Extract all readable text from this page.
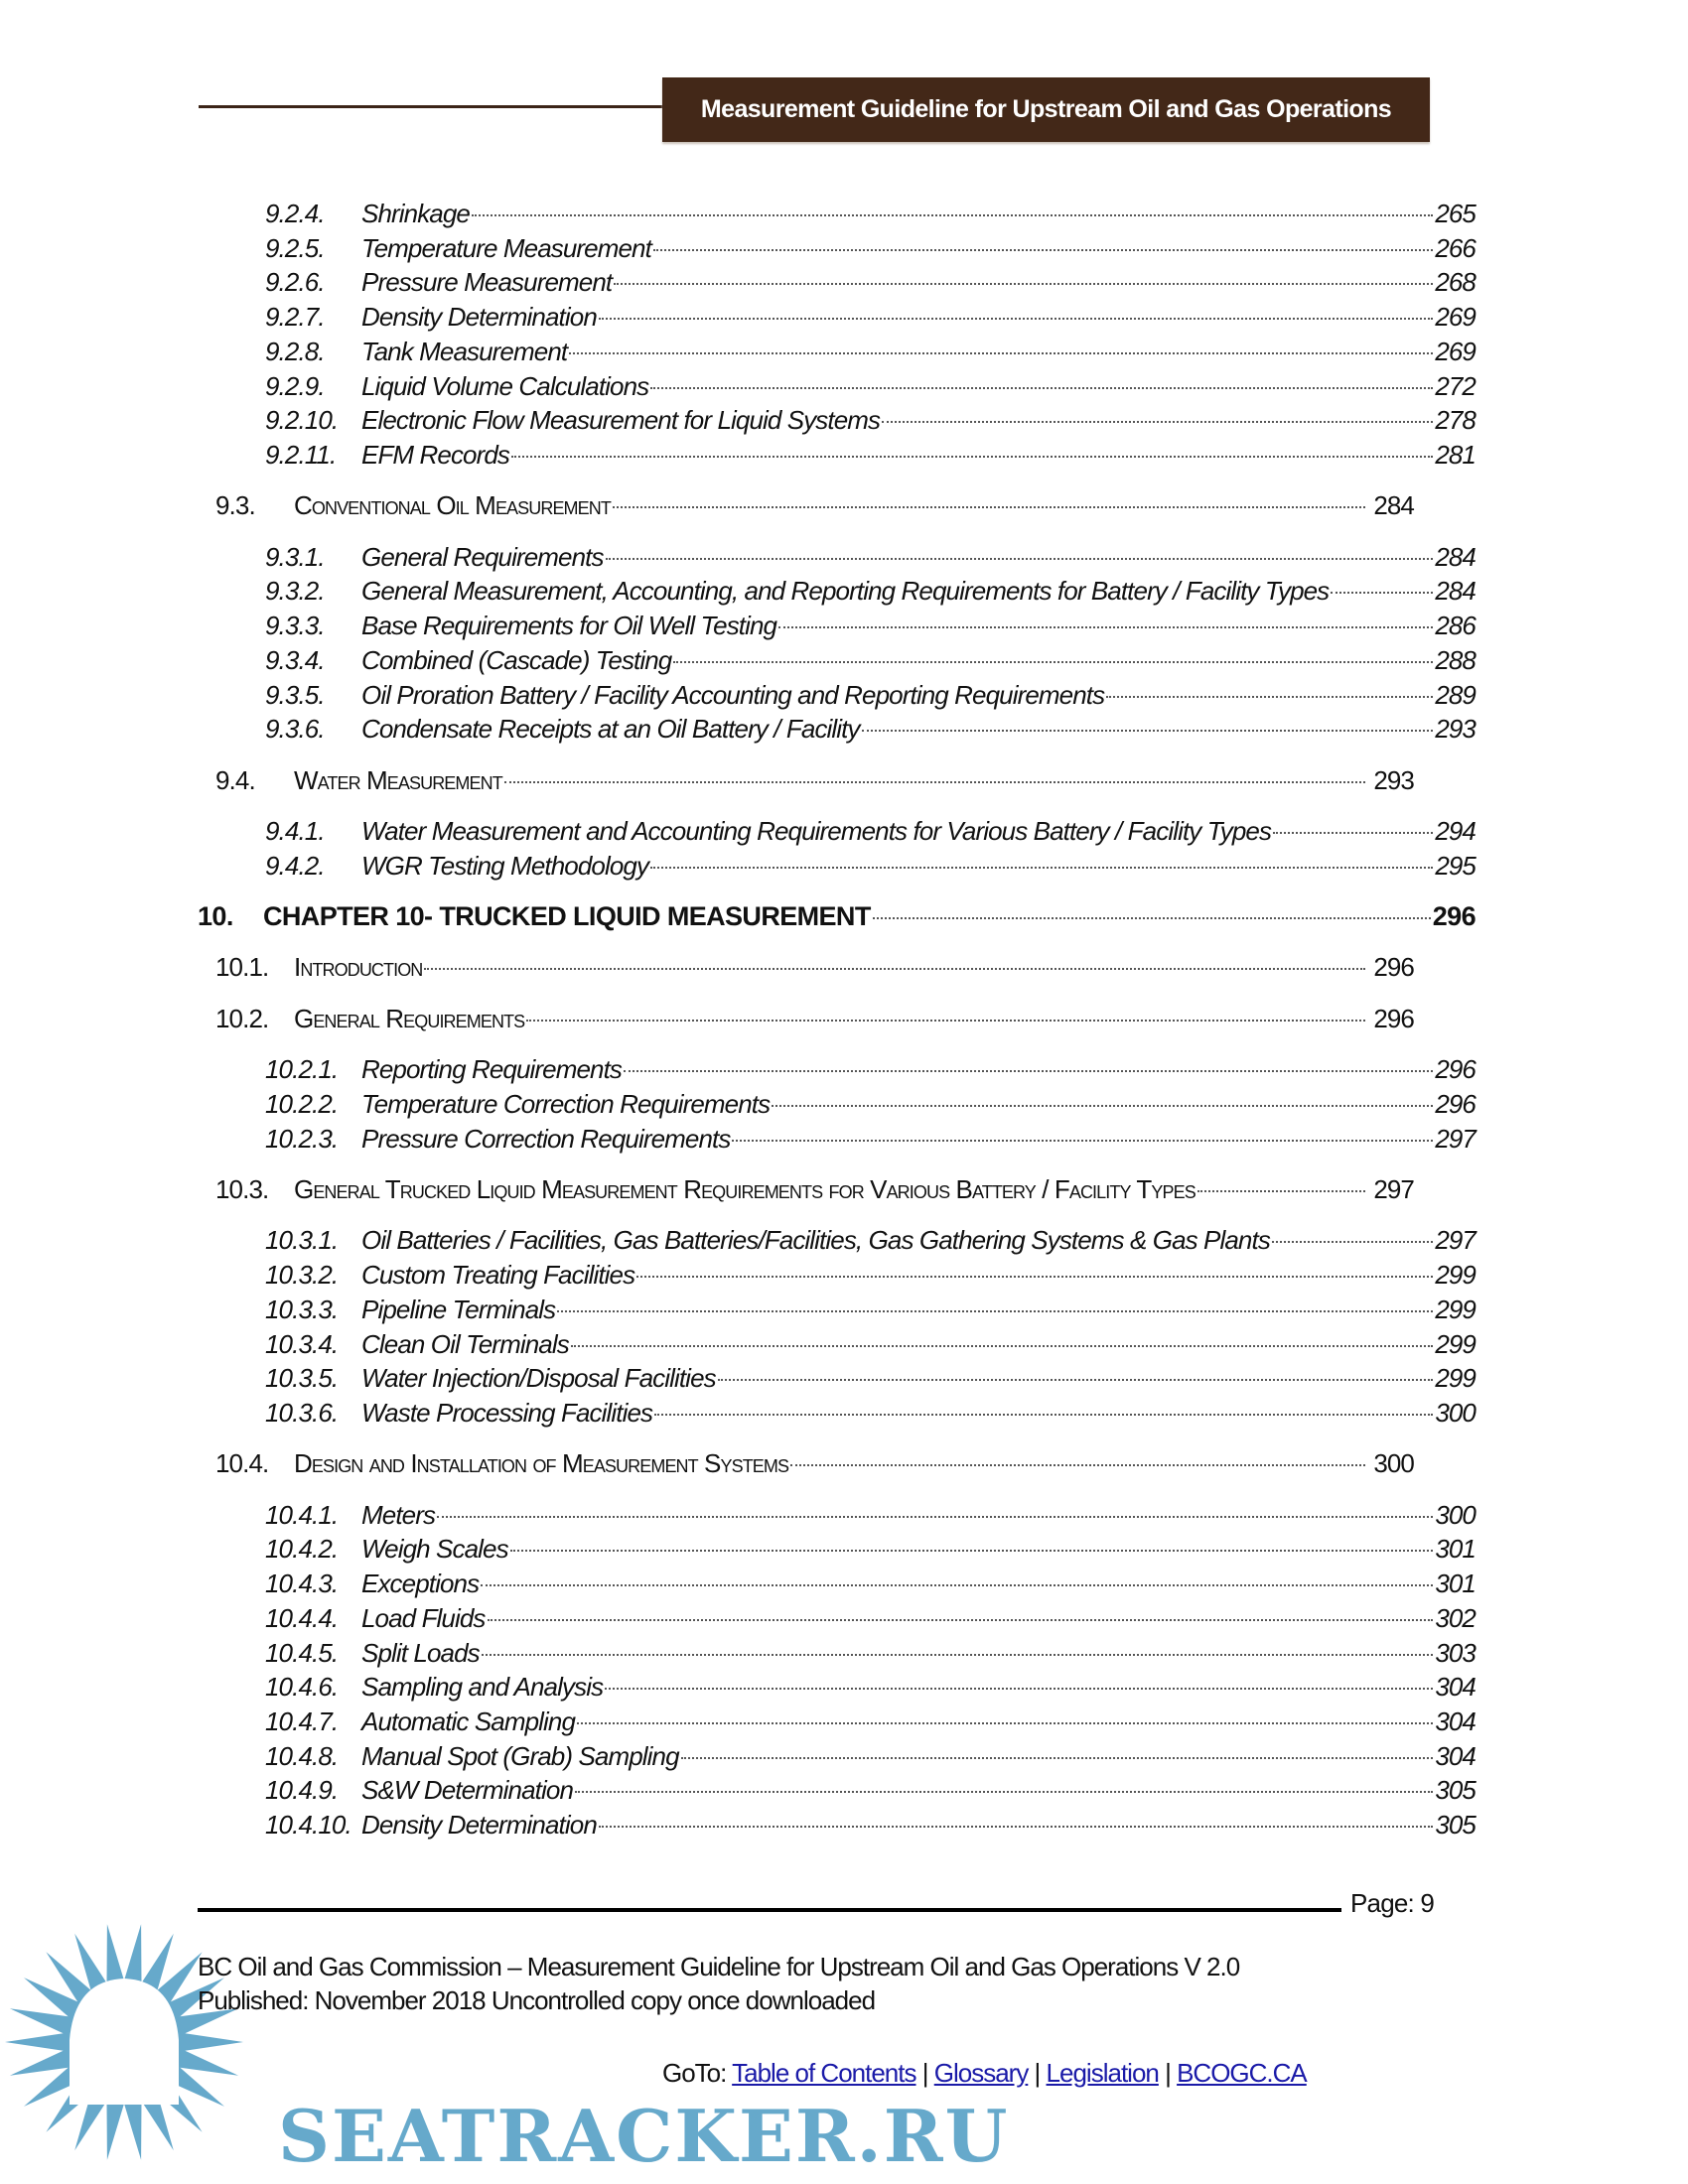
Measurement Guideline for Upstream Oil and Gas Operations
9.2.4.	Shrinkage	265
9.2.5.	Temperature Measurement	266
9.2.6.	Pressure Measurement	268
9.2.7.	Density Determination	269
9.2.8.	Tank Measurement	269
9.2.9.	Liquid Volume Calculations	272
9.2.10. Electronic Flow Measurement for Liquid Systems	278
9.2.11. EFM Records	281
9.3.	Conventional Oil Measurement	284
9.3.1.	General Requirements	284
9.3.2.	General Measurement, Accounting, and Reporting Requirements for Battery / Facility Types	284
9.3.3.	Base Requirements for Oil Well Testing	286
9.3.4.	Combined (Cascade) Testing	288
9.3.5.	Oil Proration Battery / Facility Accounting and Reporting Requirements	289
9.3.6.	Condensate Receipts at an Oil Battery / Facility	293
9.4.	Water Measurement	293
9.4.1.	Water Measurement and Accounting Requirements for Various Battery / Facility Types	294
9.4.2.	WGR Testing Methodology	295
10.	CHAPTER 10- TRUCKED LIQUID MEASUREMENT	296
10.1. Introduction	296
10.2. General Requirements	296
10.2.1. Reporting Requirements	296
10.2.2. Temperature Correction Requirements	296
10.2.3. Pressure Correction Requirements	297
10.3. General Trucked Liquid Measurement Requirements for Various Battery / Facility Types	297
10.3.1. Oil Batteries / Facilities, Gas Batteries/Facilities, Gas Gathering Systems & Gas Plants	297
10.3.2. Custom Treating Facilities	299
10.3.3. Pipeline Terminals	299
10.3.4. Clean Oil Terminals	299
10.3.5. Water Injection/Disposal Facilities	299
10.3.6. Waste Processing Facilities	300
10.4. Design and Installation of Measurement Systems	300
10.4.1. Meters	300
10.4.2. Weigh Scales	301
10.4.3. Exceptions	301
10.4.4. Load Fluids	302
10.4.5. Split Loads	303
10.4.6. Sampling and Analysis	304
10.4.7. Automatic Sampling	304
10.4.8. Manual Spot (Grab) Sampling	304
10.4.9. S&W Determination	305
10.4.10. Density Determination	305
Page: 9
BC Oil and Gas Commission – Measurement Guideline for Upstream Oil and Gas Operations V 2.0
Published: November 2018 Uncontrolled copy once downloaded
SEATRACKER.RU
GoTo: Table of Contents | Glossary | Legislation | BCOGC.CA
